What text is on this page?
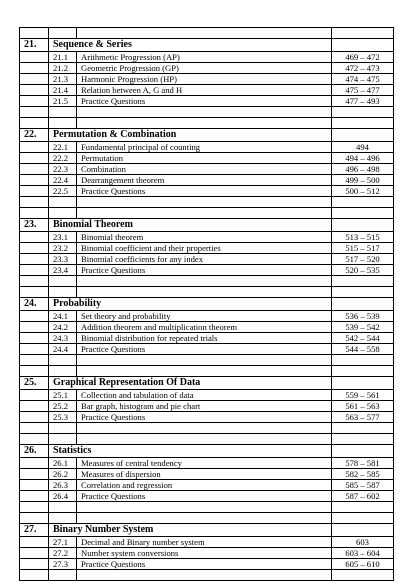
21.	Sequence & Series		
	21.1	Arithmetic Progression (AP)	469 – 472
	21.2	Geometric Progression (GP)	472 – 473
	21.3	Harmonic Progression (HP)	474 – 475
	21.4	Relation between A, G and H	475 – 477
	21.5	Practice Questions	477 – 493

22.	Permutation & Combination		
	22.1	Fundamental principal of counting	494
	22.2	Permutation	494 – 496
	22.3	Combination	496 – 498
	22.4	Dearrangement theorem	499 – 500
	22.5	Practice Questions	500 – 512

23.	Binomial Theorem		
	23.1	Binomial theorem	513 – 515
	23.2	Binomial coefficient and their properties	515 – 517
	23.3	Binomial coefficients for any index	517 – 520
	23.4	Practice Questions	520 – 535

24.	Probability		
	24.1	Set theory and probability	536 – 539
	24.2	Addition theorem and multiplication theorem	539 – 542
	24.3	Binomial distribution for repeated trials	542 – 544
	24.4	Practice Questions	544 – 558

25.	Graphical Representation Of Data		
	25.1	Collection and tabulation of data	559 – 561
	25.2	Bar graph, histogram and pie chart	561 – 563
	25.3	Practice Questions	563 – 577

26.	Statistics		
	26.1	Measures of central tendency	578 – 581
	26.2	Measures of dispersion	582 – 585
	26.3	Correlation and regression	585 – 587
	26.4	Practice Questions	587 – 602

27.	Binary Number System		
	27.1	Decimal and Binary number system	603
	27.2	Number system conversions	603 – 604
	27.3	Practice Questions	605 – 610
